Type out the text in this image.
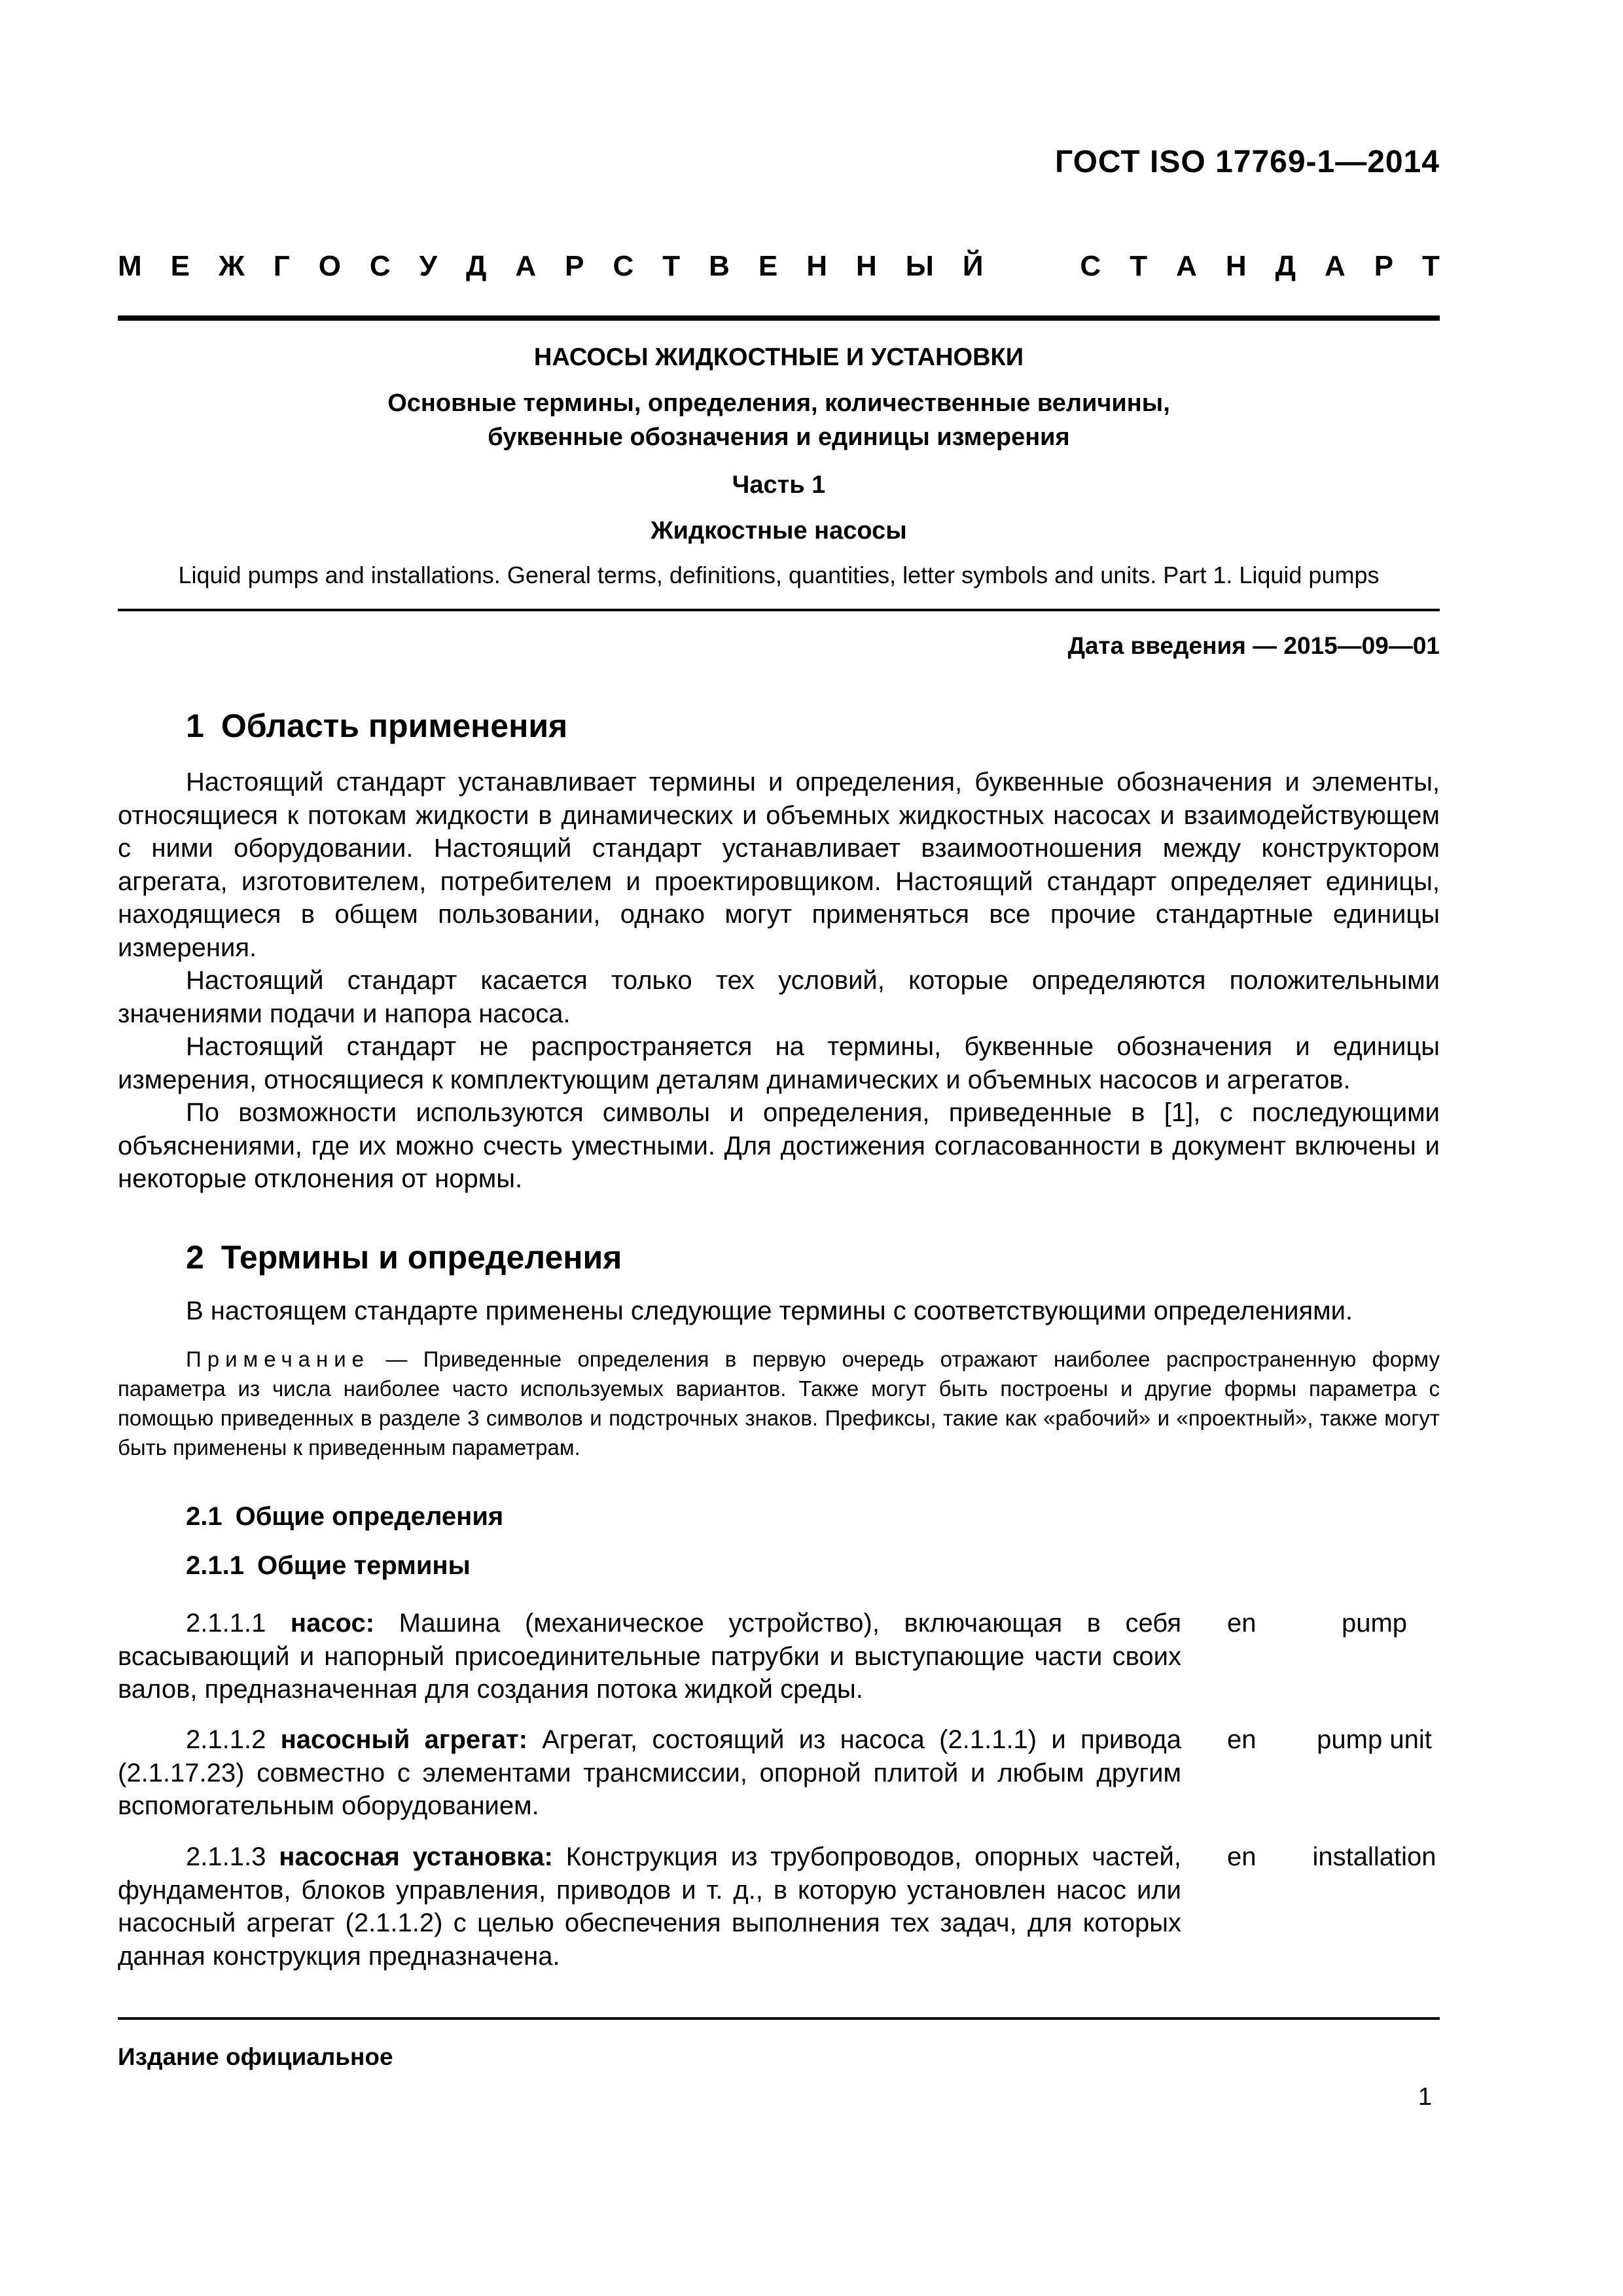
ГОСТ ISO 17769-1—2014
М Е Ж Г О С У Д А Р С Т В Е Н Н Ы Й	С Т А Н Д А Р Т
НАСОСЫ ЖИДКОСТНЫЕ И УСТАНОВКИ
Основные термины, определения, количественные величины,
буквенные обозначения и единицы измерения
Часть 1
Жидкостные насосы
Liquid pumps and installations. General terms, definitions, quantities, letter symbols and units. Part 1. Liquid pumps
Дата введения — 2015—09—01
1 Область применения

Настоящий стандарт устанавливает термины и определения, буквенные обозначения и элементы, относящиеся к потокам жидкости в динамических и объемных жидкостных насосах и взаимодействующем с ними оборудовании. Настоящий стандарт устанавливает взаимоотношения между конструктором агрегата, изготовителем, потребителем и проектировщиком. Настоящий стандарт определяет единицы, находящиеся в общем пользовании, однако могут применяться все прочие стандартные единицы измерения.

Настоящий стандарт касается только тех условий, которые определяются положительными значениями подачи и напора насоса.

Настоящий стандарт не распространяется на термины, буквенные обозначения и единицы измерения, относящиеся к комплектующим деталям динамических и объемных насосов и агрегатов.

По возможности используются символы и определения, приведенные в [1], с последующими объяснениями, где их можно счесть уместными. Для достижения согласованности в документ включены и некоторые отклонения от нормы.

2 Термины и определения

В настоящем стандарте применены следующие термины с соответствующими определениями.

Примечание — Приведенные определения в первую очередь отражают наиболее распространенную форму параметра из числа наиболее часто используемых вариантов. Также могут быть построены и другие формы параметра с помощью приведенных в разделе 3 символов и подстрочных знаков. Префиксы, такие как «рабочий» и «проектный», также могут быть применены к приведенным параметрам.
2.1 Общие определения
2.1.1 Общие термины
2.1.1.1 насос: Машина (механическое устройство), включающая в себя всасывающий и напорный присоединительные патрубки и выступающие части своих валов, предназначенная для создания потока жидкой среды.
en	pump
2.1.1.2 насосный агрегат: Агрегат, состоящий из насоса (2.1.1.1) и привода (2.1.17.23) совместно с элементами трансмиссии, опорной плитой и любым другим вспомогательным оборудованием.
en	pump unit
2.1.1.3 насосная установка: Конструкция из трубопроводов, опорных частей, фундаментов, блоков управления, приводов и т. д., в которую установлен насос или насосный агрегат (2.1.1.2) с целью обеспечения выполнения тех задач, для которых данная конструкция предназначена.
en installation
Издание официальное
1
